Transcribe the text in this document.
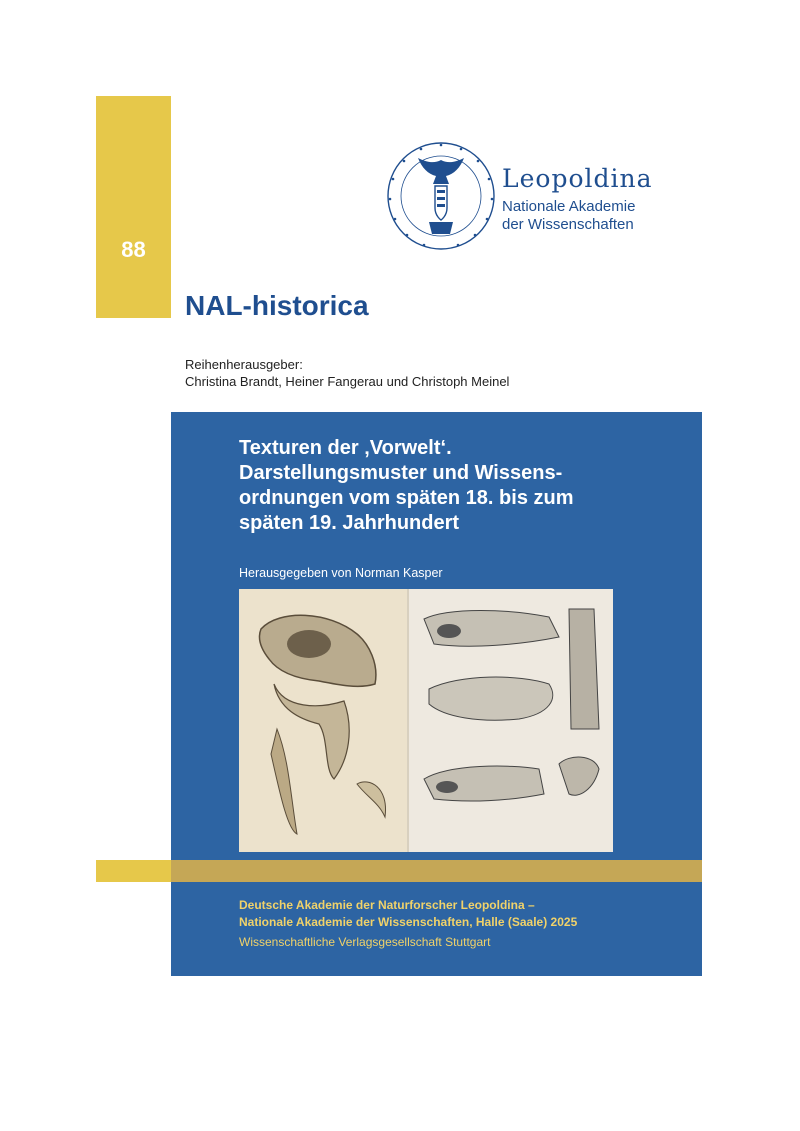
88
Leopoldina
Nationale Akademie
der Wissenschaften
NAL-historica
Reihenherausgeber:
Christina Brandt, Heiner Fangerau und Christoph Meinel
Texturen der ‚Vorwelt‘.
Darstellungsmuster und Wissens-
ordnungen vom späten 18. bis zum
späten 19. Jahrhundert
Herausgegeben von Norman Kasper
Deutsche Akademie der Naturforscher Leopoldina –
Nationale Akademie der Wissenschaften, Halle (Saale) 2025
Wissenschaftliche Verlagsgesellschaft Stuttgart
